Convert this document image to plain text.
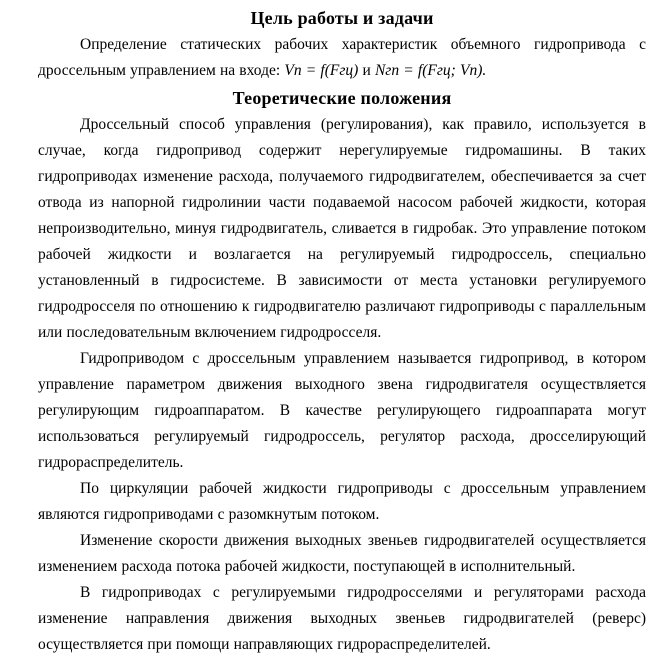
Цель работы и задачи

Определение статических рабочих характеристик объемного гидропривода с дроссельным управлением на входе: Vп = f(Fгц) и Nгп = f(Fгц; Vп).

Теоретические положения

Дроссельный способ управления (регулирования), как правило, используется в случае, когда гидропривод содержит нерегулируемые гидромашины. В таких гидроприводах изменение расхода, получаемого гидродвигателем, обеспечивается за счет отвода из напорной гидролинии части подаваемой насосом рабочей жидкости, которая непроизводительно, минуя гидродвигатель, сливается в гидробак. Это управление потоком рабочей жидкости и возлагается на регулируемый гидродроссель, специально установленный в гидросистеме. В зависимости от места установки регулируемого гидродросселя по отношению к гидродвигателю различают гидроприводы с параллельным или последовательным включением гидродросселя.

Гидроприводом с дроссельным управлением называется гидропривод, в котором управление параметром движения выходного звена гидродвигателя осуществляется регулирующим гидроаппаратом. В качестве регулирующего гидроаппарата могут использоваться регулируемый гидродроссель, регулятор расхода, дросселирующий гидрораспределитель.

По циркуляции рабочей жидкости гидроприводы с дроссельным управлением являются гидроприводами с разомкнутым потоком.

Изменение скорости движения выходных звеньев гидродвигателей осуществляется изменением расхода потока рабочей жидкости, поступающей в исполнительный.

В гидроприводах с регулируемыми гидродросселями и регуляторами расхода изменение направления движения выходных звеньев гидродвигателей (реверс) осуществляется при помощи направляющих гидрораспределителей.
